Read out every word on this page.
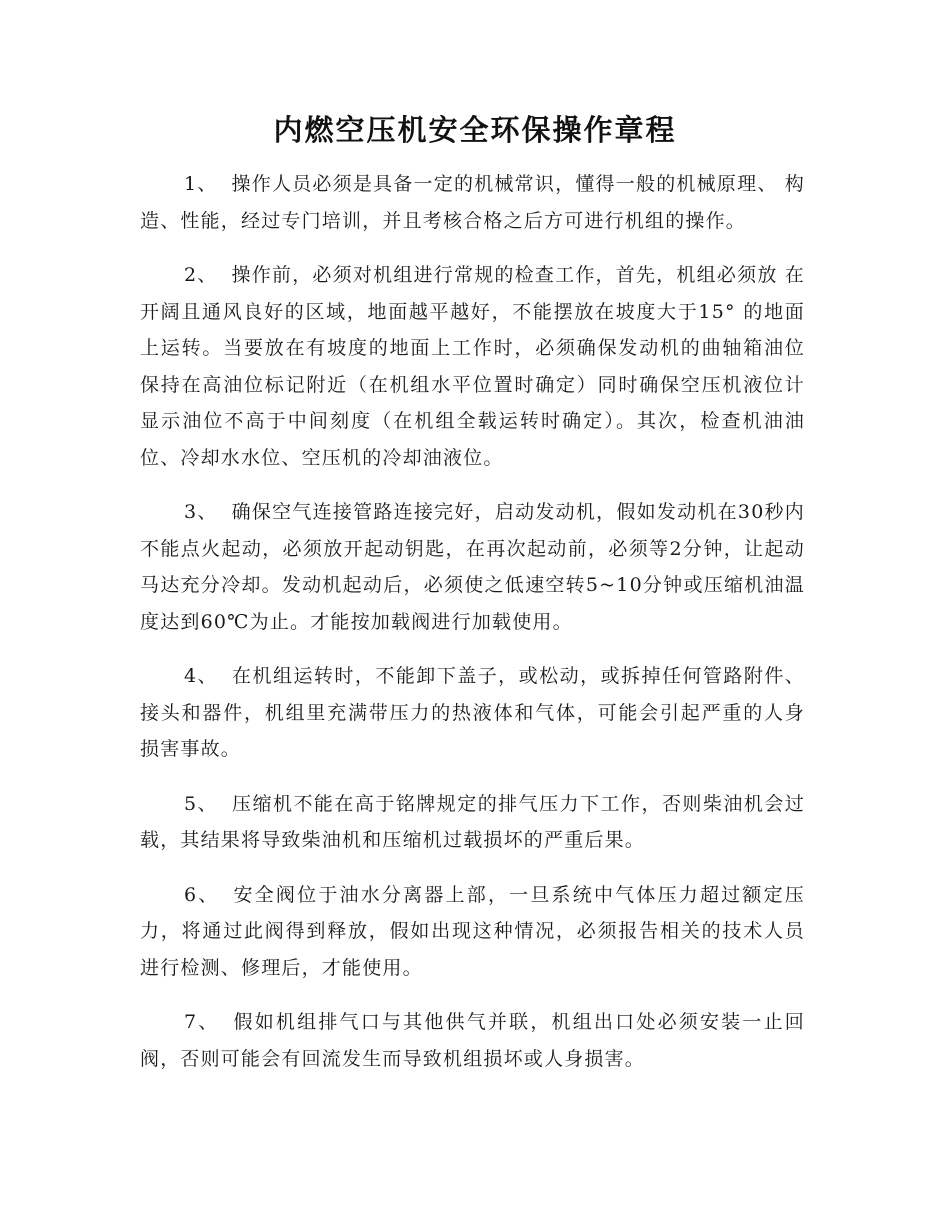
内燃空压机安全环保操作章程

1、 操作人员必须是具备一定的机械常识，懂得一般的机械原理、 构造、性能，经过专门培训，并且考核合格之后方可进行机组的操作。

2、 操作前，必须对机组进行常规的检查工作，首先，机组必须放 在开阔且通风良好的区域，地面越平越好，不能摆放在坡度大于15° 的地面上运转。当要放在有坡度的地面上工作时，必须确保发动机的曲轴箱油位保持在高油位标记附近（在机组水平位置时确定）同时确保空压机液位计显示油位不高于中间刻度（在机组全载运转时确定）。其次，检查机油油位、冷却水水位、空压机的冷却油液位。

3、 确保空气连接管路连接完好，启动发动机，假如发动机在30秒内不能点火起动，必须放开起动钥匙，在再次起动前，必须等2分钟，让起动马达充分冷却。发动机起动后，必须使之低速空转5~10分钟或压缩机油温度达到60℃为止。才能按加载阀进行加载使用。

4、 在机组运转时，不能卸下盖子，或松动，或拆掉任何管路附件、接头和器件，机组里充满带压力的热液体和气体，可能会引起严重的人身损害事故。

5、 压缩机不能在高于铭牌规定的排气压力下工作，否则柴油机会过载，其结果将导致柴油机和压缩机过载损坏的严重后果。

6、 安全阀位于油水分离器上部，一旦系统中气体压力超过额定压力，将通过此阀得到释放，假如出现这种情况，必须报告相关的技术人员进行检测、修理后，才能使用。

7、 假如机组排气口与其他供气并联，机组出口处必须安装一止回阀，否则可能会有回流发生而导致机组损坏或人身损害。
